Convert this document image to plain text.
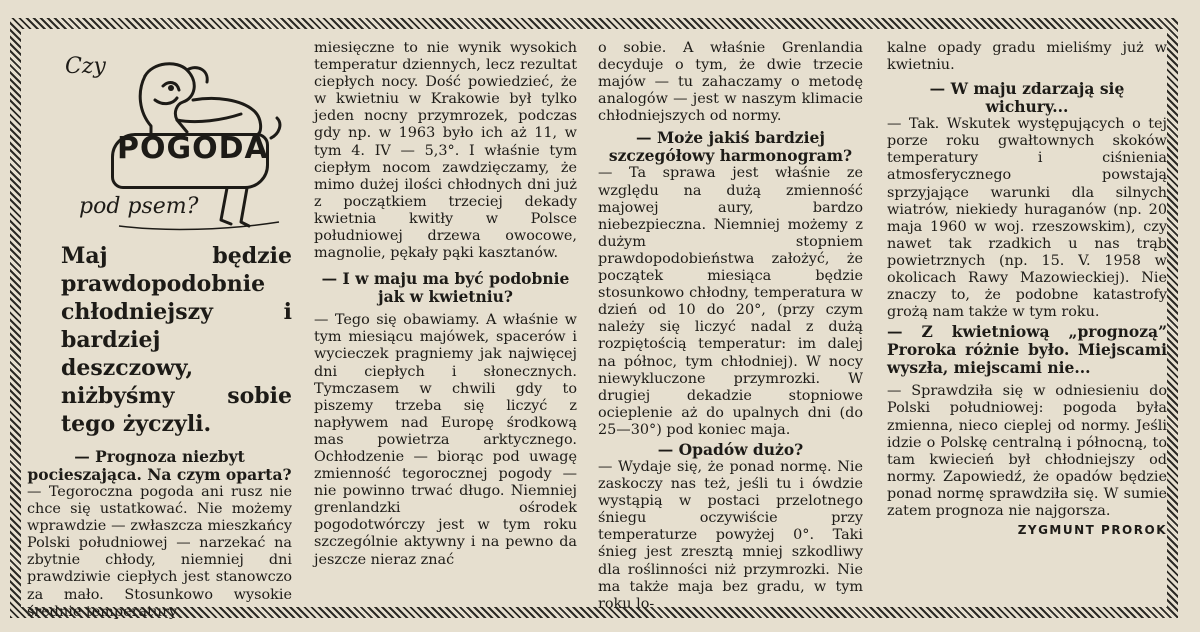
Czy
POGODA
pod psem?
Maj będzie prawdopodobnie chłodniejszy i bardziej deszczowy, niżbyśmy sobie tego życzyli.

— Prognoza niezbyt pocieszająca. Na czym oparta?

— Tegoroczna pogoda ani rusz nie chce się ustatkować. Nie możemy wprawdzie — zwłaszcza mieszkańcy Polski południowej — narzekać na zbytnie chłody, niemniej dni prawdziwie ciepłych jest stanowczo za mało. Stosunkowo wysokie średnie temperatury

miesięczne to nie wynik wysokich temperatur dziennych, lecz rezultat ciepłych nocy. Dość powiedzieć, że w kwietniu w Krakowie był tylko jeden nocny przymrozek, podczas gdy np. w 1963 było ich aż 11, w tym 4. IV — 5,3°. I właśnie tym ciepłym nocom zawdzięczamy, że mimo dużej ilości chłodnych dni już z początkiem trzeciej dekady kwietnia kwitły w Polsce południowej drzewa owocowe, magnolie, pękały pąki kasztanów.

— I w maju ma być podobnie jak w kwietniu?

— Tego się obawiamy. A właśnie w tym miesiącu majówek, spacerów i wycieczek pragniemy jak najwięcej dni ciepłych i słonecznych. Tymczasem w chwili gdy to piszemy trzeba się liczyć z napływem nad Europę środkową mas powietrza arktycznego. Ochłodzenie — biorąc pod uwagę zmienność tegorocznej pogody — nie powinno trwać długo. Niemniej grenlandzki ośrodek pogodotwórczy jest w tym roku szczególnie aktywny i na pewno da jeszcze nieraz znać

o sobie. A właśnie Grenlandia decyduje o tym, że dwie trzecie majów — tu zahaczamy o metodę analogów — jest w naszym klimacie chłodniejszych od normy.

— Może jakiś bardziej szczegółowy harmonogram?

— Ta sprawa jest właśnie ze względu na dużą zmienność majowej aury, bardzo niebezpieczna. Niemniej możemy z dużym stopniem prawdopodobieństwa założyć, że początek miesiąca będzie stosunkowo chłodny, temperatura w dzień od 10 do 20°, (przy czym należy się liczyć nadal z dużą rozpiętością temperatur: im dalej na północ, tym chłodniej). W nocy niewykluczone przymrozki. W drugiej dekadzie stopniowe ocieplenie aż do upalnych dni (do 25—30°) pod koniec maja.

— Opadów dużo?

— Wydaje się, że ponad normę. Nie zaskoczy nas też, jeśli tu i ówdzie wystąpią w postaci przelotnego śniegu oczywiście przy temperaturze powyżej 0°. Taki śnieg jest zresztą mniej szkodliwy dla roślinności niż przymrozki. Nie ma także maja bez gradu, w tym roku lo-

kalne opady gradu mieliśmy już w kwietniu.

— W maju zdarzają się wichury...

— Tak. Wskutek występujących o tej porze roku gwałtownych skoków temperatury i ciśnienia atmosferycznego powstają sprzyjające warunki dla silnych wiatrów, niekiedy huraganów (np. 20 maja 1960 w woj. rzeszowskim), czy nawet tak rzadkich u nas trąb powietrznych (np. 15. V. 1958 w okolicach Rawy Mazowieckiej). Nie znaczy to, że podobne katastrofy grożą nam także w tym roku.

— Z kwietniową „prognozą” Proroka różnie było. Miejscami wyszła, miejscami nie...

— Sprawdziła się w odniesieniu do Polski południowej: pogoda była zmienna, nieco cieplej od normy. Jeśli idzie o Polskę centralną i północną, to tam kwiecień był chłodniejszy od normy. Zapowiedź, że opadów będzie ponad normę sprawdziła się. W sumie zatem prognoza nie najgorsza.

ZYGMUNT PROROK
